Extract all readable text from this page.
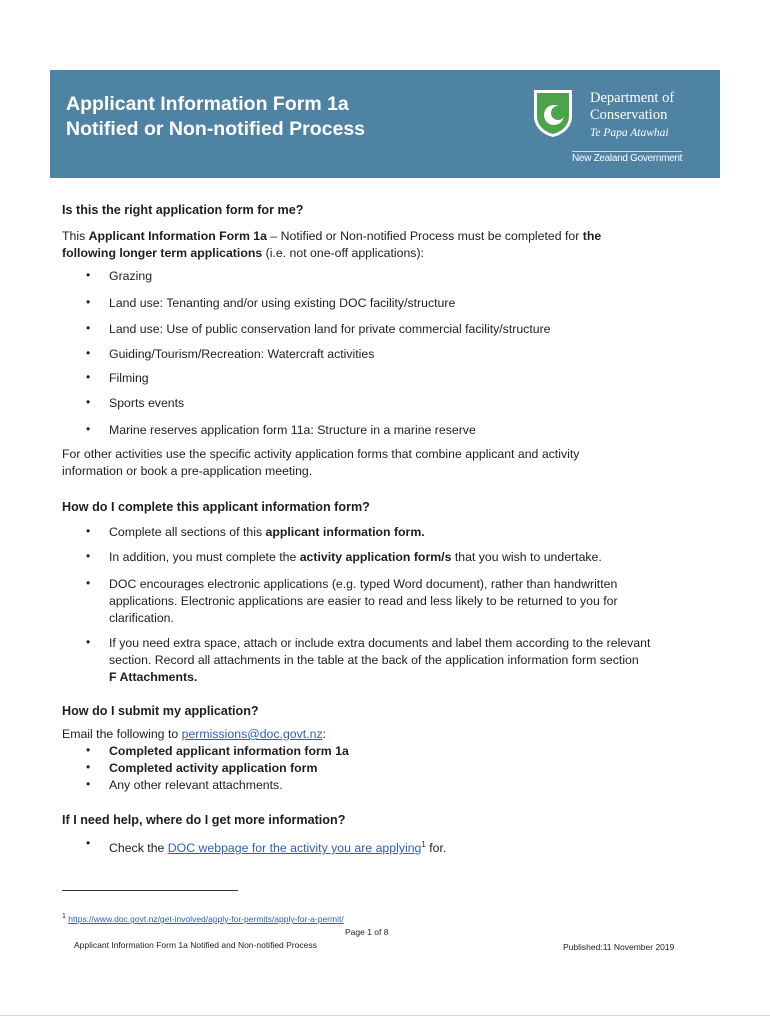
Applicant Information Form 1a
Notified or Non-notified Process
Department of
Conservation
Te Papa Atawhai
New Zealand Government
Is this the right application form for me?

This Applicant Information Form 1a – Notified or Non-notified Process must be completed for the
following longer term applications (i.e. not one-off applications):

• Grazing
• Land use: Tenanting and/or using existing DOC facility/structure
• Land use: Use of public conservation land for private commercial facility/structure
• Guiding/Tourism/Recreation: Watercraft activities
• Filming
• Sports events
• Marine reserves application form 11a: Structure in a marine reserve

For other activities use the specific activity application forms that combine applicant and activity
information or book a pre-application meeting.

How do I complete this applicant information form?
• Complete all sections of this applicant information form.
• In addition, you must complete the activity application form/s that you wish to undertake.
• DOC encourages electronic applications (e.g. typed Word document), rather than handwritten
applications. Electronic applications are easier to read and less likely to be returned to you for
clarification.
• If you need extra space, attach or include extra documents and label them according to the relevant
section. Record all attachments in the table at the back of the application information form section
F Attachments.
How do I submit my application?

Email the following to permissions@doc.govt.nz:

• Completed applicant information form 1a
• Completed activity application form
• Any other relevant attachments.
If I need help, where do I get more information?
• Check the DOC webpage for the activity you are applying$^1$ for.
$^1$ https://www.doc.govt.nz/get-involved/apply-for-permits/apply-for-a-permit/
Page 1 of 8
Applicant Information Form 1a Notified and Non-notified Process	Published:11 November 2019
